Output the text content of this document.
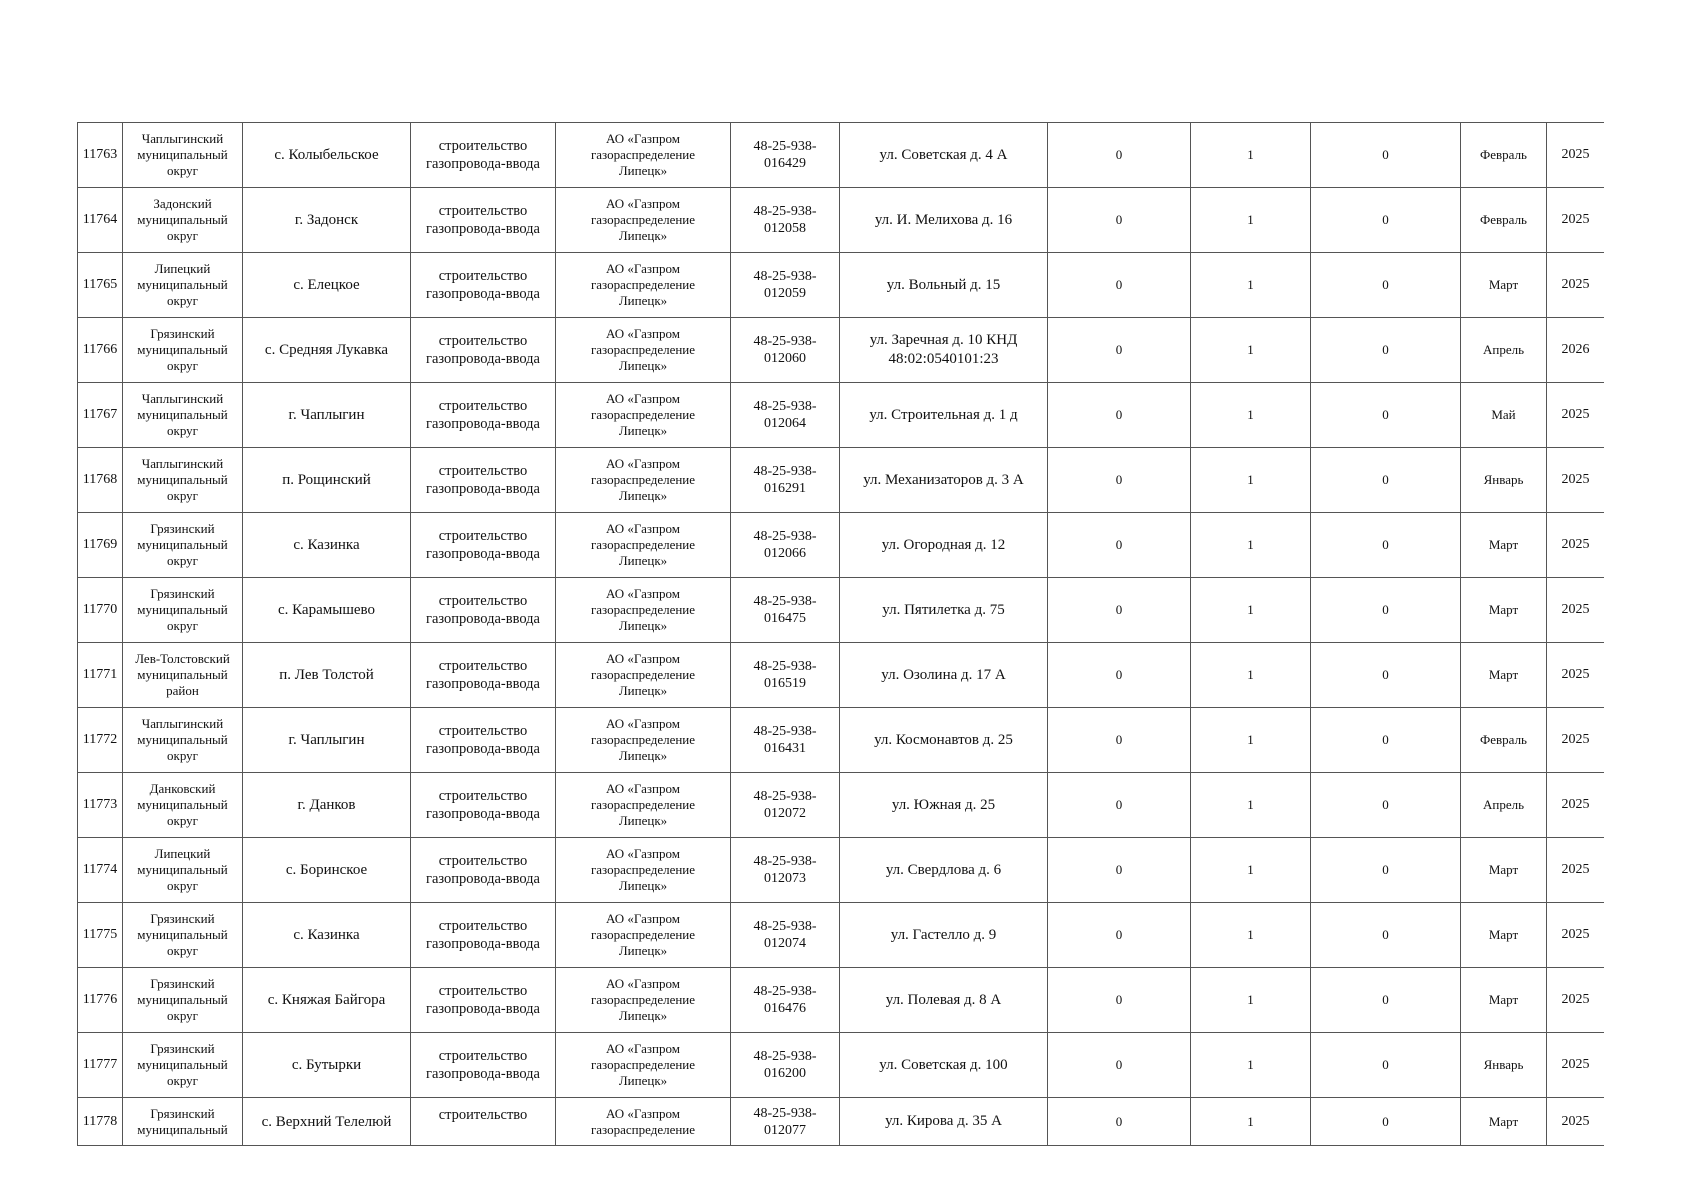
11763	Чаплыгинский
муниципальный
округ	с. Колыбельское	строительство
газопровода-ввода	АО «Газпром
газораспределение
Липецк»	48-25-938-
016429	ул. Советская д. 4 А	0	1	0	Февраль	2025
11764	Задонский
муниципальный
округ	г. Задонск	строительство
газопровода-ввода	АО «Газпром
газораспределение
Липецк»	48-25-938-
012058	ул. И. Мелихова д. 16	0	1	0	Февраль	2025
11765	Липецкий
муниципальный
округ	с. Елецкое	строительство
газопровода-ввода	АО «Газпром
газораспределение
Липецк»	48-25-938-
012059	ул. Вольный д. 15	0	1	0	Март	2025
11766	Грязинский
муниципальный
округ	с. Средняя Лукавка	строительство
газопровода-ввода	АО «Газпром
газораспределение
Липецк»	48-25-938-
012060	ул. Заречная д. 10 КНД
48:02:0540101:23	0	1	0	Апрель	2026
11767	Чаплыгинский
муниципальный
округ	г. Чаплыгин	строительство
газопровода-ввода	АО «Газпром
газораспределение
Липецк»	48-25-938-
012064	ул. Строительная д. 1 д	0	1	0	Май	2025
11768	Чаплыгинский
муниципальный
округ	п. Рощинский	строительство
газопровода-ввода	АО «Газпром
газораспределение
Липецк»	48-25-938-
016291	ул. Механизаторов д. 3 А	0	1	0	Январь	2025
11769	Грязинский
муниципальный
округ	с. Казинка	строительство
газопровода-ввода	АО «Газпром
газораспределение
Липецк»	48-25-938-
012066	ул. Огородная д. 12	0	1	0	Март	2025
11770	Грязинский
муниципальный
округ	с. Карамышево	строительство
газопровода-ввода	АО «Газпром
газораспределение
Липецк»	48-25-938-
016475	ул. Пятилетка д. 75	0	1	0	Март	2025
11771	Лев-Толстовский
муниципальный
район	п. Лев Толстой	строительство
газопровода-ввода	АО «Газпром
газораспределение
Липецк»	48-25-938-
016519	ул. Озолина д. 17 А	0	1	0	Март	2025
11772	Чаплыгинский
муниципальный
округ	г. Чаплыгин	строительство
газопровода-ввода	АО «Газпром
газораспределение
Липецк»	48-25-938-
016431	ул. Космонавтов д. 25	0	1	0	Февраль	2025
11773	Данковский
муниципальный
округ	г. Данков	строительство
газопровода-ввода	АО «Газпром
газораспределение
Липецк»	48-25-938-
012072	ул. Южная д. 25	0	1	0	Апрель	2025
11774	Липецкий
муниципальный
округ	с. Боринское	строительство
газопровода-ввода	АО «Газпром
газораспределение
Липецк»	48-25-938-
012073	ул. Свердлова д. 6	0	1	0	Март	2025
11775	Грязинский
муниципальный
округ	с. Казинка	строительство
газопровода-ввода	АО «Газпром
газораспределение
Липецк»	48-25-938-
012074	ул. Гастелло д. 9	0	1	0	Март	2025
11776	Грязинский
муниципальный
округ	с. Княжая Байгора	строительство
газопровода-ввода	АО «Газпром
газораспределение
Липецк»	48-25-938-
016476	ул. Полевая д. 8 А	0	1	0	Март	2025
11777	Грязинский
муниципальный
округ	с. Бутырки	строительство
газопровода-ввода	АО «Газпром
газораспределение
Липецк»	48-25-938-
016200	ул. Советская д. 100	0	1	0	Январь	2025
11778	Грязинский
муниципальный	с. Верхний Телелюй	строительство	АО «Газпром
газораспределение	48-25-938-
012077	ул. Кирова д. 35 А	0	1	0	Март	2025
